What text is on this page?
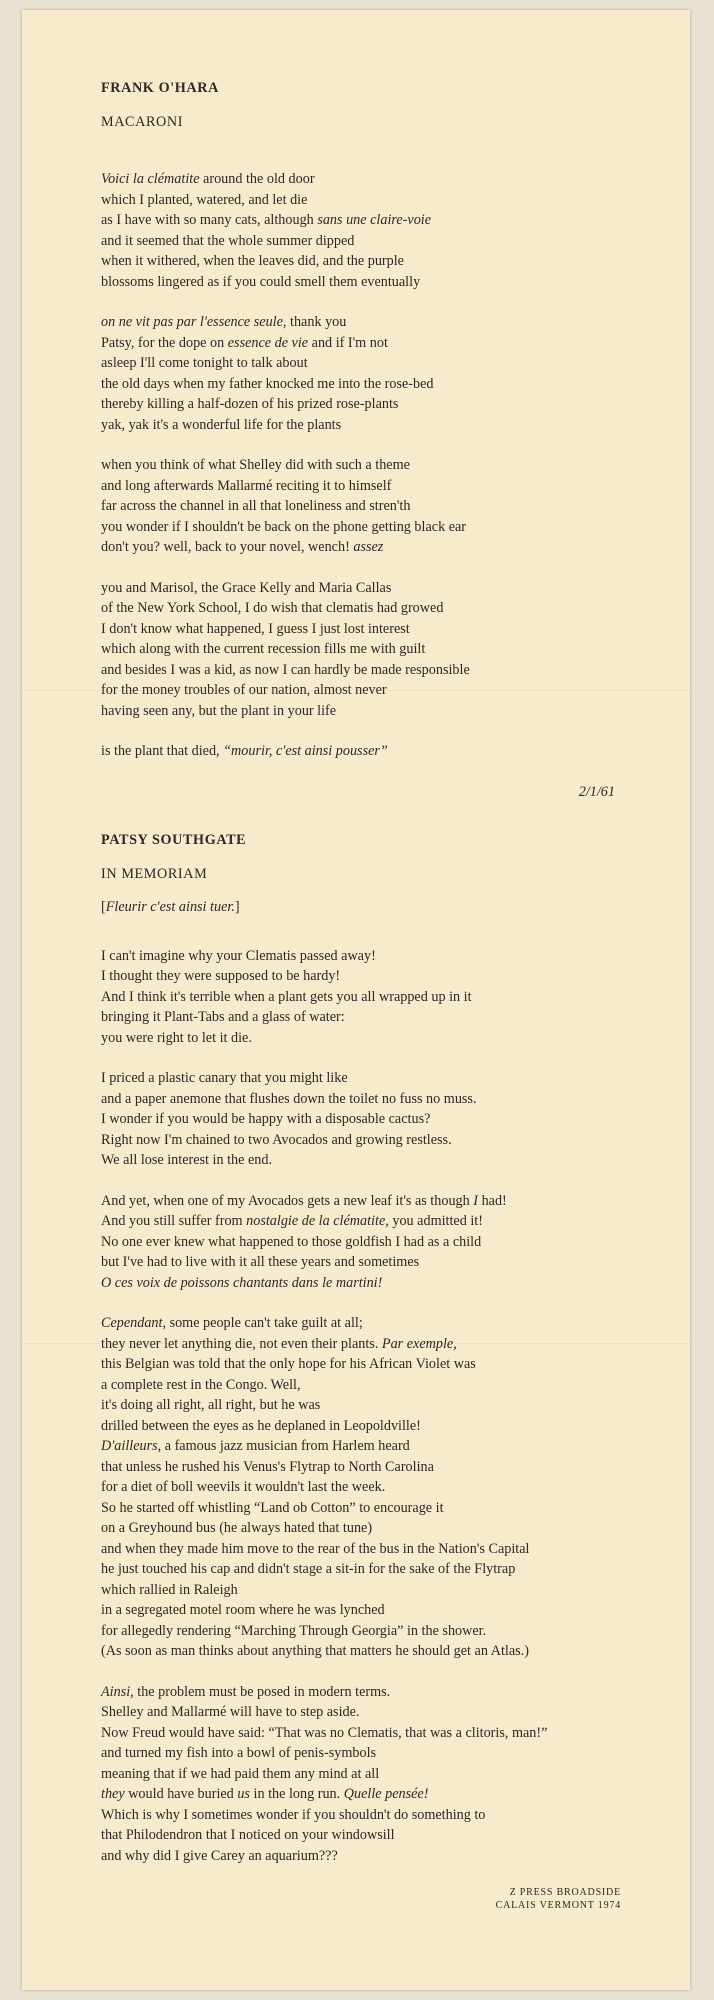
FRANK O'HARA

MACARONI

Voici la clématite around the old door
which I planted, watered, and let die
as I have with so many cats, although sans une claire-voie
and it seemed that the whole summer dipped
when it withered, when the leaves did, and the purple
blossoms lingered as if you could smell them eventually
on ne vit pas par l'essence seule, thank you
Patsy, for the dope on essence de vie and if I'm not
asleep I'll come tonight to talk about
the old days when my father knocked me into the rose-bed
thereby killing a half-dozen of his prized rose-plants
yak, yak it's a wonderful life for the plants
when you think of what Shelley did with such a theme
and long afterwards Mallarmé reciting it to himself
far across the channel in all that loneliness and stren'th
you wonder if I shouldn't be back on the phone getting black ear
don't you? well, back to your novel, wench! assez
you and Marisol, the Grace Kelly and Maria Callas
of the New York School, I do wish that clematis had growed
I don't know what happened, I guess I just lost interest
which along with the current recession fills me with guilt
and besides I was a kid, as now I can hardly be made responsible
for the money troubles of our nation, almost never
having seen any, but the plant in your life
is the plant that died, “mourir, c'est ainsi pousser”
2/1/61

PATSY SOUTHGATE

IN MEMORIAM

[Fleurir c'est ainsi tuer.]
I can't imagine why your Clematis passed away!
I thought they were supposed to be hardy!
And I think it's terrible when a plant gets you all wrapped up in it
bringing it Plant-Tabs and a glass of water:
you were right to let it die.
I priced a plastic canary that you might like
and a paper anemone that flushes down the toilet no fuss no muss.
I wonder if you would be happy with a disposable cactus?
Right now I'm chained to two Avocados and growing restless.
We all lose interest in the end.
And yet, when one of my Avocados gets a new leaf it's as though I had!
And you still suffer from nostalgie de la clématite, you admitted it!
No one ever knew what happened to those goldfish I had as a child
but I've had to live with it all these years and sometimes
O ces voix de poissons chantants dans le martini!
Cependant, some people can't take guilt at all;
they never let anything die, not even their plants. Par exemple,
this Belgian was told that the only hope for his African Violet was
a complete rest in the Congo. Well,
it's doing all right, all right, but he was
drilled between the eyes as he deplaned in Leopoldville!
D'ailleurs, a famous jazz musician from Harlem heard
that unless he rushed his Venus's Flytrap to North Carolina
for a diet of boll weevils it wouldn't last the week.
So he started off whistling “Land ob Cotton” to encourage it
on a Greyhound bus (he always hated that tune)
and when they made him move to the rear of the bus in the Nation's Capital
he just touched his cap and didn't stage a sit-in for the sake of the Flytrap
which rallied in Raleigh
in a segregated motel room where he was lynched
for allegedly rendering “Marching Through Georgia” in the shower.
(As soon as man thinks about anything that matters he should get an Atlas.)
Ainsi, the problem must be posed in modern terms.
Shelley and Mallarmé will have to step aside.
Now Freud would have said: “That was no Clematis, that was a clitoris, man!”
and turned my fish into a bowl of penis-symbols
meaning that if we had paid them any mind at all
they would have buried us in the long run. Quelle pensée!
Which is why I sometimes wonder if you shouldn't do something to
that Philodendron that I noticed on your windowsill
and why did I give Carey an aquarium???
Z PRESS BROADSIDE
CALAIS VERMONT 1974
